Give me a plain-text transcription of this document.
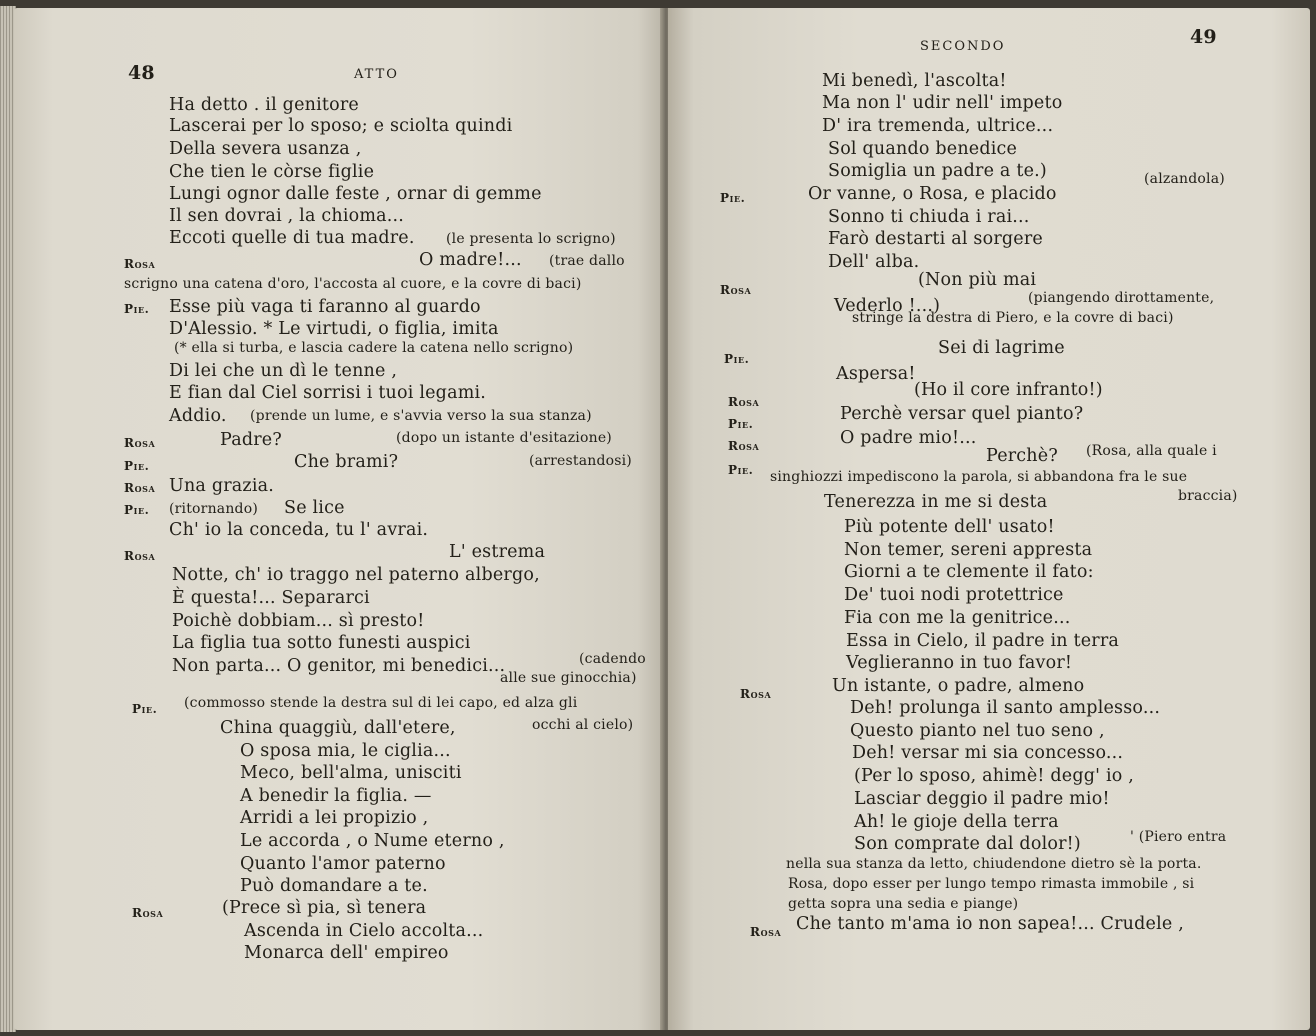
48	ATTO
Ha detto . il genitore
Lascerai per lo sposo; e sciolta quindi
Della severa usanza ,
Che tien le còrse figlie
Lungi ognor dalle feste , ornar di gemme
Il sen dovrai , la chioma...
Eccoti quelle di tua madre. (le presenta lo scrigno)
Rosa	O madre!... (trae dallo
scrigno una catena d'oro, l'accosta al cuore, e la covre di baci)
Pie. Esse più vaga ti faranno al guardo
D'Alessio. * Le virtudi, o figlia, imita
(* ella si turba, e lascia cadere la catena nello scrigno)
Di lei che un dì le tenne ,
E fian dal Ciel sorrisi i tuoi legami.
Addio. (prende un lume, e s'avvia verso la sua stanza)
Rosa	Padre?	(dopo un istante d'esitazione)
Pie.	Che brami?	(arrestandosi)
Rosa Una grazia.
Pie. (ritornando) Se lice
Ch' io la conceda, tu l' avrai.
Rosa	L' estrema
Notte, ch' io traggo nel paterno albergo,
È questa!... Separarci
Poichè dobbiam... sì presto!
La figlia tua sotto funesti auspici
Non parta... O genitor, mi benedici...	(cadendo
alle sue ginocchia)
Pie. (commosso stende la destra sul di lei capo, ed alza gli
China quaggiù, dall'etere,	occhi al cielo)
O sposa mia, le ciglia...
Meco, bell'alma, unisciti
A benedir la figlia. —
Arridi a lei propizio ,
Le accorda , o Nume eterno ,
Quanto l'amor paterno
Può domandare a te.
Rosa	(Prece sì pia, sì tenera
Ascenda in Cielo accolta...
Monarca dell' empireo
SECONDO	49
Mi benedì, l'ascolta!
Ma non l' udir nell' impeto
D' ira tremenda, ultrice...
Sol quando benedice
Somiglia un padre a te.)
Pie.	Or vanne, o Rosa, e placido
(alzandola)
Sonno ti chiuda i rai...
Farò destarti al sorgere
Dell' alba.
Rosa	(Non più mai
Vederlo !...)	(piangendo dirottamente,
stringe la destra di Piero, e la covre di baci)
Pie.
Sei di lagrime
Aspersa!
Rosa
(Ho il core infranto!)
Pie.	Perchè versar quel pianto?
Rosa	O padre mio!...
Pie.
Perchè? (Rosa, alla quale i
singhiozzi impediscono la parola, si abbandona fra le sue
braccia)
Tenerezza in me si desta
Più potente dell' usato!
Non temer, sereni appresta
Giorni a te clemente il fato:
De' tuoi nodi protettrice
Fia con me la genitrice...
Essa in Cielo, il padre in terra
Veglieranno in tuo favor!
Rosa	Un istante, o padre, almeno
Deh! prolunga il santo amplesso...
Questo pianto nel tuo seno ,
Deh! versar mi sia concesso...
(Per lo sposo, ahimè! degg' io ,
Lasciar deggio il padre mio!
Ah! le gioje della terra
Son comprate dal dolor!)	' (Piero entra
nella sua stanza da letto, chiudendone dietro sè la porta.
Rosa, dopo esser per lungo tempo rimasta immobile , si
getta sopra una sedia e piange)
Rosa Che tanto m'ama io non sapea!... Crudele ,
